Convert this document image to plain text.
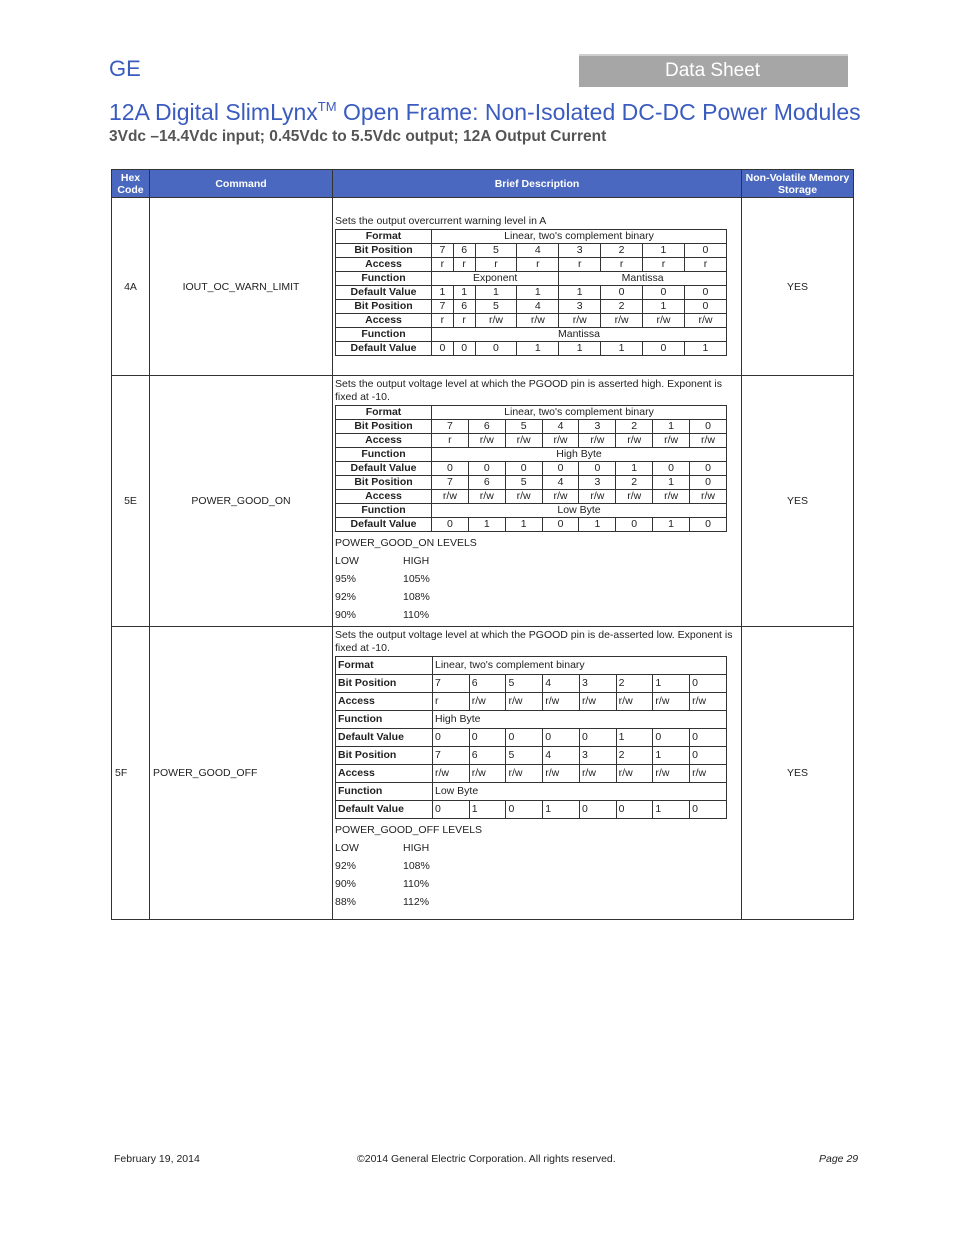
GE	Data Sheet
12A Digital SlimLynx™ Open Frame: Non-Isolated DC-DC Power Modules
3Vdc –14.4Vdc input; 0.45Vdc to 5.5Vdc output; 12A Output Current
Hex Code	Command	Brief Description	Non-Volatile Memory Storage
4A	IOUT_OC_WARN_LIMIT	
Sets the output overcurrent warning level in A
Format	Linear, two's complement binary
Bit Position	7	6	5	4	3	2	1	0
Access	r	r	r	r	r	r	r	r
Function	Exponent	Mantissa
Default Value	1	1	1	1	1	0	0	0
Bit Position	7	6	5	4	3	2	1	0
Access	r	r	r/w	r/w	r/w	r/w	r/w	r/w
Function	Mantissa
Default Value	0	0	0	1	1	1	0	1
	YES
5E	POWER_GOOD_ON	
Sets the output voltage level at which the PGOOD pin is asserted high. Exponent is fixed at -10.
Format	Linear, two's complement binary
Bit Position	7	6	5	4	3	2	1	0
Access	r	r/w	r/w	r/w	r/w	r/w	r/w	r/w
Function	High Byte
Default Value	0	0	0	0	0	1	0	0
Bit Position	7	6	5	4	3	2	1	0
Access	r/w	r/w	r/w	r/w	r/w	r/w	r/w	r/w
Function	Low Byte
Default Value	0	1	1	0	1	0	1	0
POWER_GOOD_ON LEVELS
LOW	HIGH
95%	105%
92%	108%
90%	110%
	YES
5F	POWER_GOOD_OFF	
Sets the output voltage level at which the PGOOD pin is de-asserted low. Exponent is fixed at -10.
Format	Linear, two's complement binary
Bit Position	7	6	5	4	3	2	1	0
Access	r	r/w	r/w	r/w	r/w	r/w	r/w	r/w
Function	High Byte
Default Value	0	0	0	0	0	1	0	0
Bit Position	7	6	5	4	3	2	1	0
Access	r/w	r/w	r/w	r/w	r/w	r/w	r/w	r/w
Function	Low Byte
Default Value	0	1	0	1	0	0	1	0
POWER_GOOD_OFF LEVELS
LOW	HIGH
92%	108%
90%	110%
88%	112%
	YES
February 19, 2014	©2014 General Electric Corporation. All rights reserved.	Page 29
